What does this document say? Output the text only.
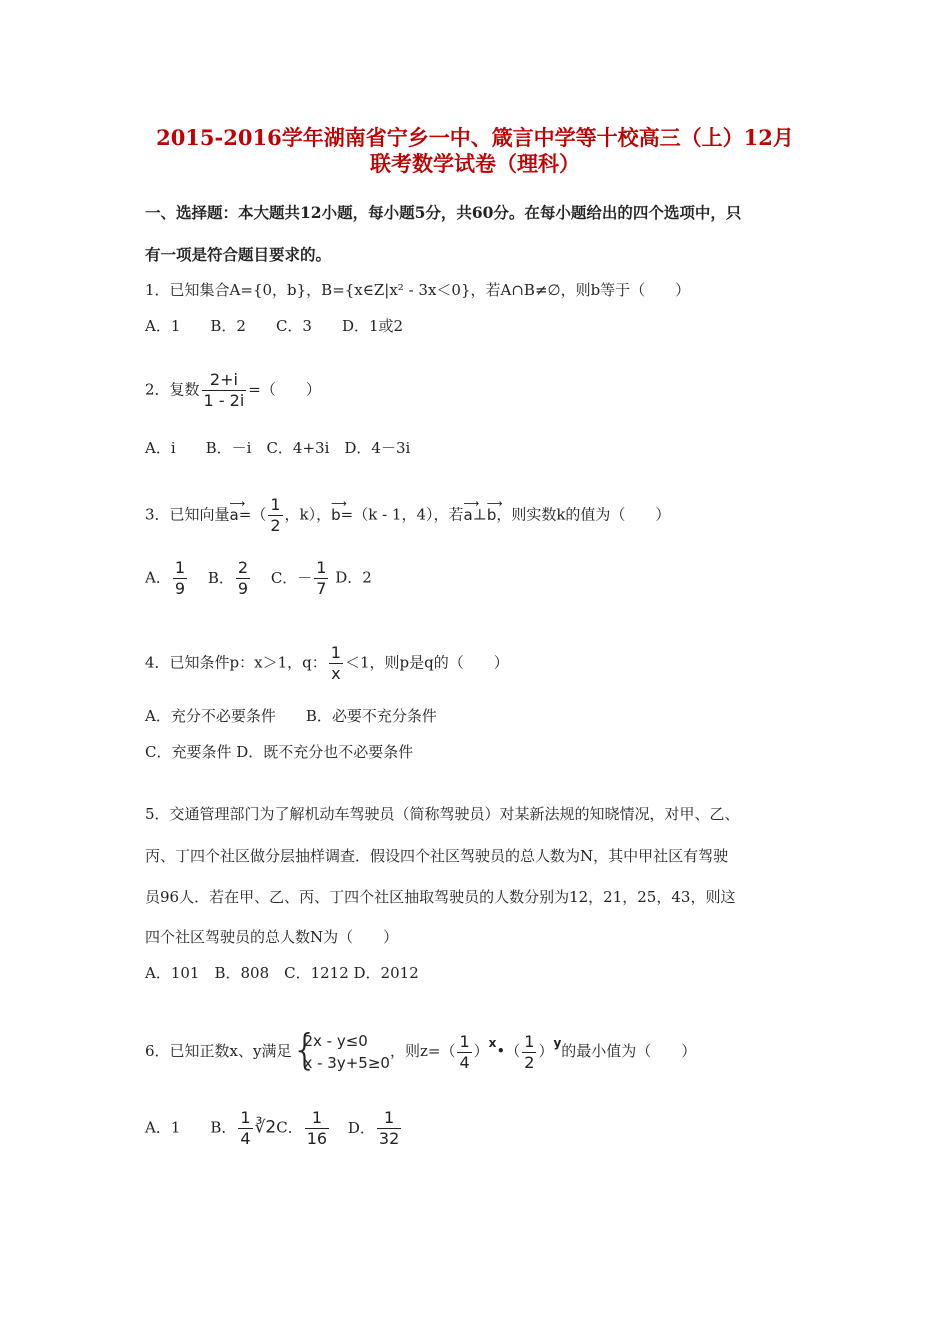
2015-2016学年湖南省宁乡一中、箴言中学等十校高三（上）12月
联考数学试卷（理科）
一、选择题：本大题共12小题，每小题5分，共60分。在每小题给出的四个选项中，只
有一项是符合题目要求的。
1．已知集合A={0，b}，B={x∈Z|x² - 3x＜0}，若A∩B≠∅，则b等于（　　）
A．1　　B．2　　C．3　　D．1或2
2．复数 $\frac{2+i}{1 - 2i}$ =（　　）
A．i　　B．－i　C．4+3i　D．4－3i
3．已知向量
⟶
$a=( \frac{1}{2}$ ，k），
⟶
b=（k - 1，4），若
⟶
a⊥
⟶
b，则实数k的值为（　　）
A． $\frac{1}{9}$ B． $\frac{2}{9}$ C．－ $\frac{1}{7}$ D．2
4．已知条件p：x＞1，q： $\frac{1}{x} <1$，则p是q的（　　）
A．充分不必要条件　　B．必要不充分条件
C．充要条件 D．既不充分也不必要条件
5．交通管理部门为了解机动车驾驶员（简称驾驶员）对某新法规的知晓情况，对甲、乙、
丙、丁四个社区做分层抽样调查．假设四个社区驾驶员的总人数为N，其中甲社区有驾驶
员96人．若在甲、乙、丙、丁四个社区抽取驾驶员的人数分别为12，21，25，43，则这
四个社区驾驶员的总人数N为（　　）
A．101　B．808　C．1212 D．2012
6．已知正数x、y满足 {
2x - y≤0
x - 3y+5≥0
，则$z=( \frac{1}{4}$ ）$^x•( \frac{1}{2} )^y$的最小值为（　　）
A．1　　B． $\frac{1}{4}$ ∛2C． $\frac{1}{16}$ D． $\frac{1}{32}$
